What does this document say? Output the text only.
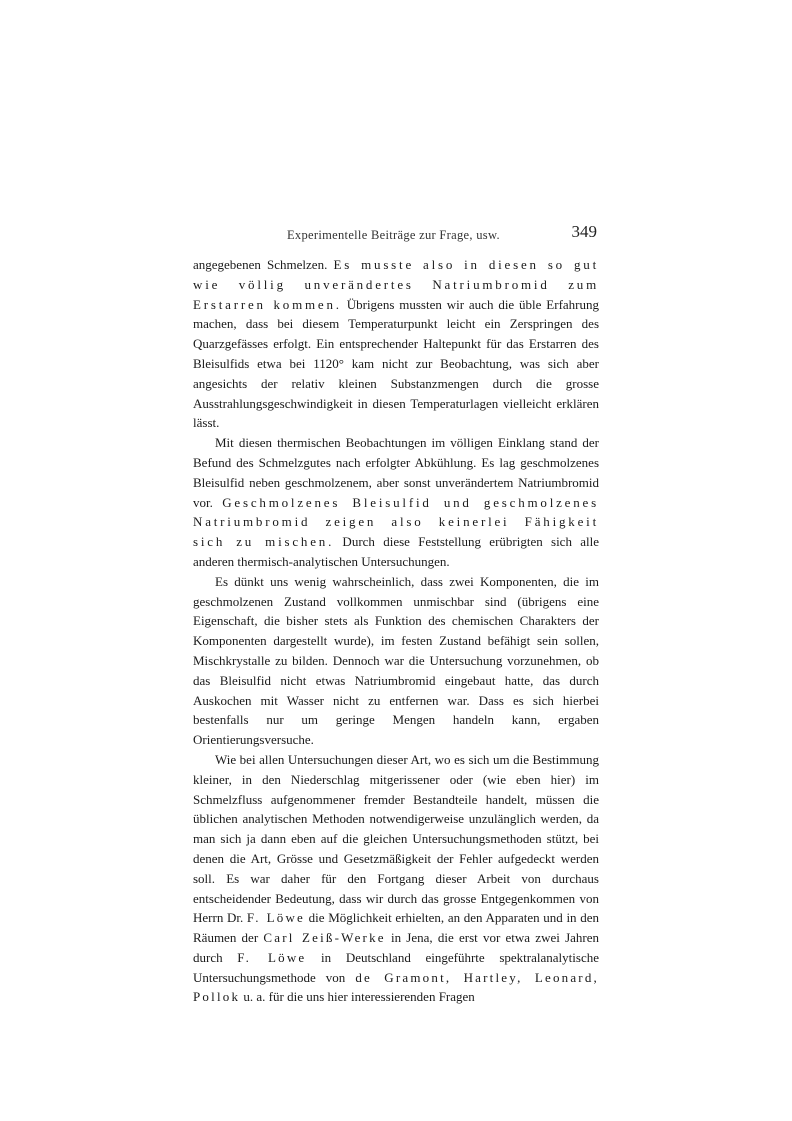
Experimentelle Beiträge zur Frage, usw.	349

angegebenen Schmelzen. Es musste also in diesen so gut wie völlig unverändertes Natriumbromid zum Erstarren kommen. Übrigens mussten wir auch die üble Erfahrung machen, dass bei diesem Temperaturpunkt leicht ein Zerspringen des Quarzgefässes erfolgt. Ein entsprechender Haltepunkt für das Erstarren des Bleisulfids etwa bei 1120° kam nicht zur Beobachtung, was sich aber angesichts der relativ kleinen Substanzmengen durch die grosse Ausstrahlungsgeschwindigkeit in diesen Temperaturlagen vielleicht erklären lässt.

Mit diesen thermischen Beobachtungen im völligen Einklang stand der Befund des Schmelzgutes nach erfolgter Abkühlung. Es lag geschmolzenes Bleisulfid neben geschmolzenem, aber sonst unverändertem Natriumbromid vor. Geschmolzenes Bleisulfid und geschmolzenes Natriumbromid zeigen also keinerlei Fähigkeit sich zu mischen. Durch diese Feststellung erübrigten sich alle anderen thermisch-analytischen Untersuchungen.

Es dünkt uns wenig wahrscheinlich, dass zwei Komponenten, die im geschmolzenen Zustand vollkommen unmischbar sind (übrigens eine Eigenschaft, die bisher stets als Funktion des chemischen Charakters der Komponenten dargestellt wurde), im festen Zustand befähigt sein sollen, Mischkrystalle zu bilden. Dennoch war die Untersuchung vorzunehmen, ob das Bleisulfid nicht etwas Natriumbromid eingebaut hatte, das durch Auskochen mit Wasser nicht zu entfernen war. Dass es sich hierbei bestenfalls nur um geringe Mengen handeln kann, ergaben Orientierungsversuche.

Wie bei allen Untersuchungen dieser Art, wo es sich um die Bestimmung kleiner, in den Niederschlag mitgerissener oder (wie eben hier) im Schmelzfluss aufgenommener fremder Bestandteile handelt, müssen die üblichen analytischen Methoden notwendigerweise unzulänglich werden, da man sich ja dann eben auf die gleichen Untersuchungsmethoden stützt, bei denen die Art, Grösse und Gesetzmäßigkeit der Fehler aufgedeckt werden soll. Es war daher für den Fortgang dieser Arbeit von durchaus entscheidender Bedeutung, dass wir durch das grosse Entgegenkommen von Herrn Dr. F. Löwe die Möglichkeit erhielten, an den Apparaten und in den Räumen der Carl Zeiß-Werke in Jena, die erst vor etwa zwei Jahren durch F. Löwe in Deutschland eingeführte spektralanalytische Untersuchungsmethode von de Gramont, Hartley, Leonard, Pollok u. a. für die uns hier interessierenden Fragen
